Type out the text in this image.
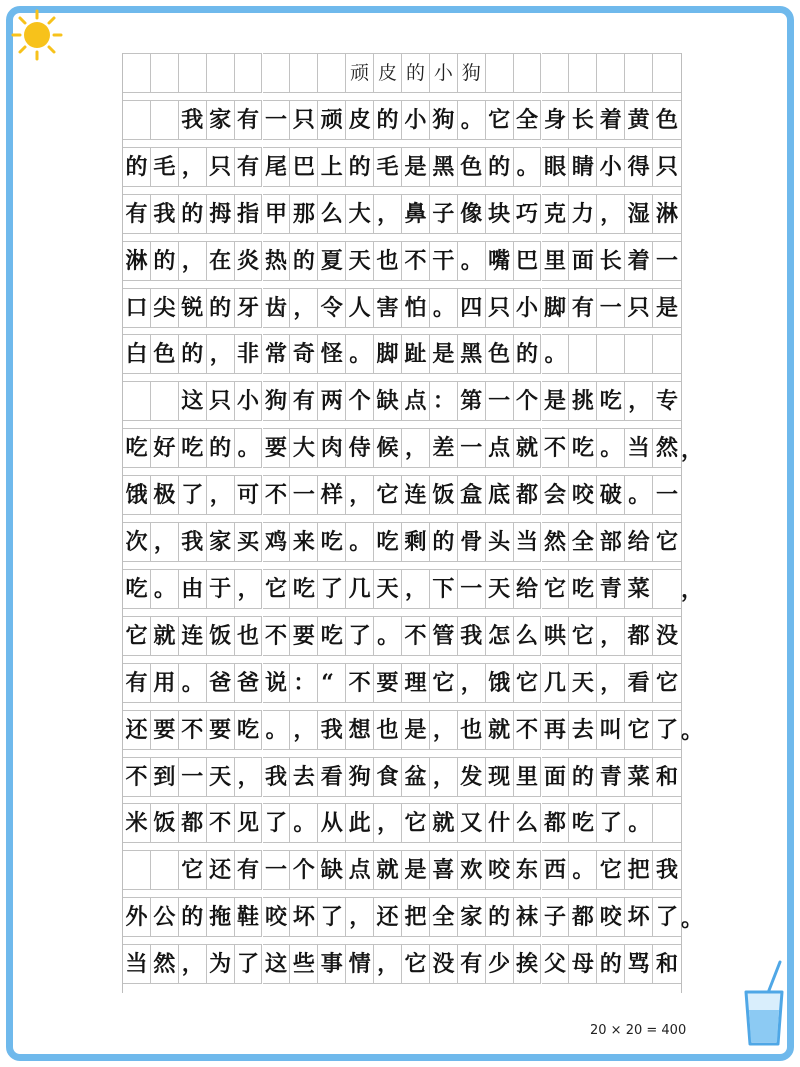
顽 皮 的 小 狗
我 家 有 一 只 顽 皮 的 小 狗 。 它 全 身 长 着 黄 色
的 毛 ， 只 有 尾 巴 上 的 毛 是 黑 色 的 。 眼 睛 小 得 只
有 我 的 拇 指 甲 那 么 大 ， 鼻 子 像 块 巧 克 力 ， 湿 淋
淋 的 ， 在 炎 热 的 夏 天 也 不 干 。 嘴 巴 里 面 长 着 一
口 尖 锐 的 牙 齿 ， 令 人 害 怕 。 四 只 小 脚 有 一 只 是
白 色 的 ， 非 常 奇 怪 。 脚 趾 是 黑 色 的 。
这 只 小 狗 有 两 个 缺 点 ： 第 一 个 是 挑 吃 ， 专
吃 好 吃 的 。 要 大 肉 侍 候 ， 差 一 点 就 不 吃 。 当 然
饿 极 了 ， 可 不 一 样 ， 它 连 饭 盒 底 都 会 咬 破 。 一
次 ， 我 家 买 鸡 来 吃 。 吃 剩 的 骨 头 当 然 全 部 给 它
吃 。 由 于 ， 它 吃 了 几 天 ， 下 一 天 给 它 吃 青 菜
它 就 连 饭 也 不 要 吃 了 。 不 管 我 怎 么 哄 它 ， 都 没
有 用 。 爸 爸 说 ： “ 不 要 理 它 ， 饿 它 几 天 ， 看 它
还 要 不 要 吃 。 ， 我 想 也 是 ， 也 就 不 再 去 叫 它 了
不 到 一 天 ， 我 去 看 狗 食 盆 ， 发 现 里 面 的 青 菜 和
米 饭 都 不 见 了 。 从 此 ， 它 就 又 什 么 都 吃 了 。
它 还 有 一 个 缺 点 就 是 喜 欢 咬 东 西 。 它 把 我
外 公 的 拖 鞋 咬 坏 了 ， 还 把 全 家 的 袜 子 都 咬 坏 了
当 然 ， 为 了 这 些 事 情 ， 它 没 有 少 挨 父 母 的 骂 和
，
，
。
。
20 × 20 = 400
